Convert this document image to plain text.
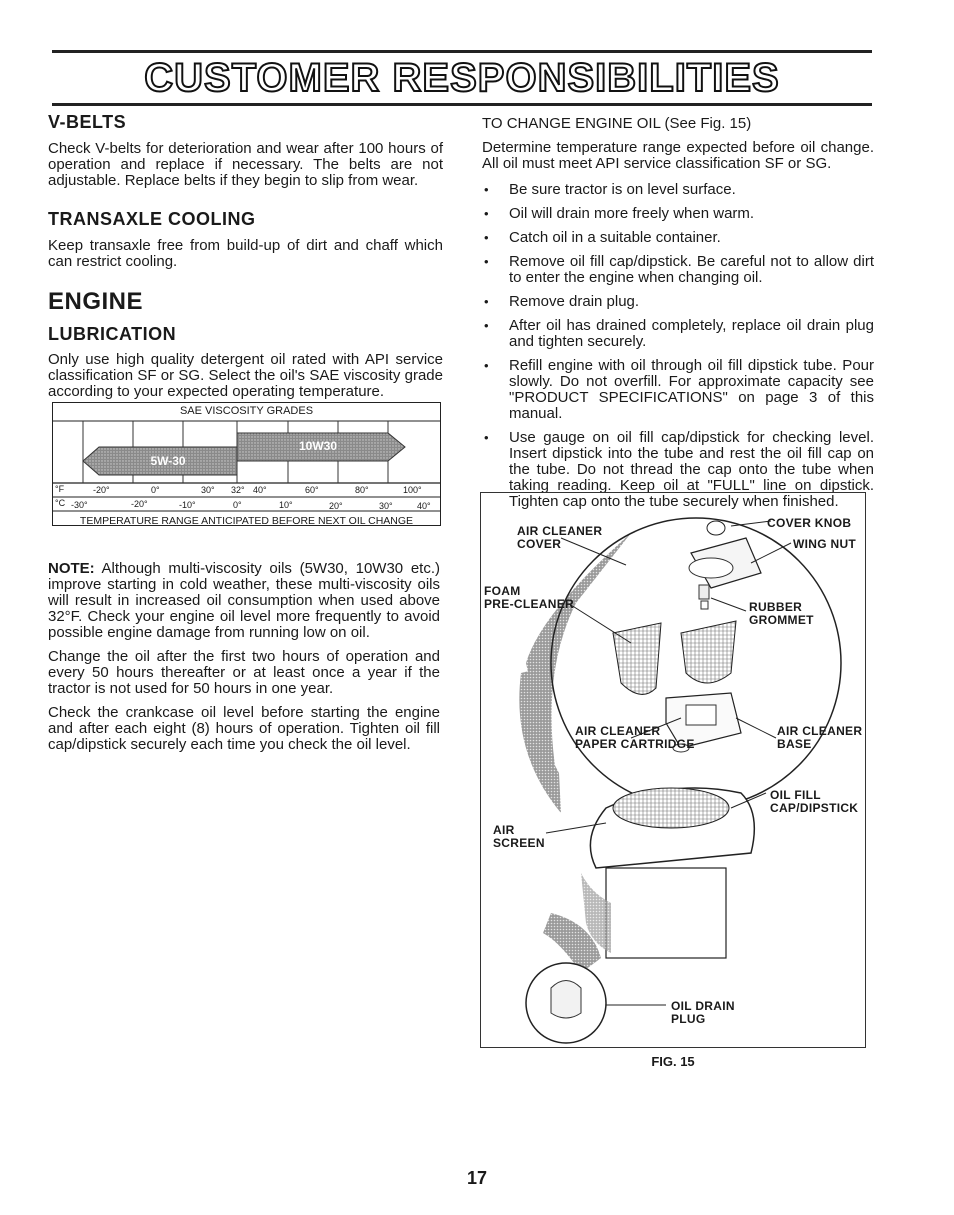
CUSTOMER RESPONSIBILITIES
V-BELTS

Check V-belts for deterioration and wear after 100 hours of operation and replace if necessary. The belts are not adjustable. Replace belts if they begin to slip from wear.

TRANSAXLE COOLING

Keep transaxle free from build-up of dirt and chaff which can restrict cooling.

ENGINE
LUBRICATION

Only use high quality detergent oil rated with API service classification SF or SG. Select the oil's SAE viscosity grade according to your expected operating temperature.

SAE VISCOSITY GRADES
5W-30
10W30
°F	-20°	0°	30° 32° 40°	60°	80°	100°
°C -30°	-20°	-10°	0°	10°	20°	30°	40°
TEMPERATURE RANGE ANTICIPATED BEFORE NEXT OIL CHANGE

NOTE: Although multi-viscosity oils (5W30, 10W30 etc.) improve starting in cold weather, these multi-viscosity oils will result in increased oil consumption when used above 32°F. Check your engine oil level more frequently to avoid possible engine damage from running low on oil.

Change the oil after the first two hours of operation and every 50 hours thereafter or at least once a year if the tractor is not used for 50 hours in one year.

Check the crankcase oil level before starting the engine and after each eight (8) hours of operation. Tighten oil fill cap/dipstick securely each time you check the oil level.

TO CHANGE ENGINE OIL (See Fig. 15)

Determine temperature range expected before oil change. All oil must meet API service classification SF or SG.

• Be sure tractor is on level surface.
• Oil will drain more freely when warm.
• Catch oil in a suitable container.
• Remove oil fill cap/dipstick. Be careful not to allow dirt to enter the engine when changing oil.
• Remove drain plug.
• After oil has drained completely, replace oil drain plug and tighten securely.
• Refill engine with oil through oil fill dipstick tube. Pour slowly. Do not overfill. For approximate capacity see "PRODUCT SPECIFICATIONS" on page 3 of this manual.
• Use gauge on oil fill cap/dipstick for checking level. Insert dipstick into the tube and rest the oil fill cap on the tube. Do not thread the cap onto the tube when taking reading. Keep oil at "FULL" line on dipstick. Tighten cap onto the tube securely when finished.
AIR CLEANER
COVER
COVER KNOB
WING NUT
FOAM
PRE-CLEANER	RUBBER
GROMMET
AIR CLEANER
PAPER CARTRIDGE
AIR CLEANER
BASE
OIL FILL
CAP/DIPSTICK
AIR
SCREEN
OIL DRAIN
PLUG
FIG. 15
17
